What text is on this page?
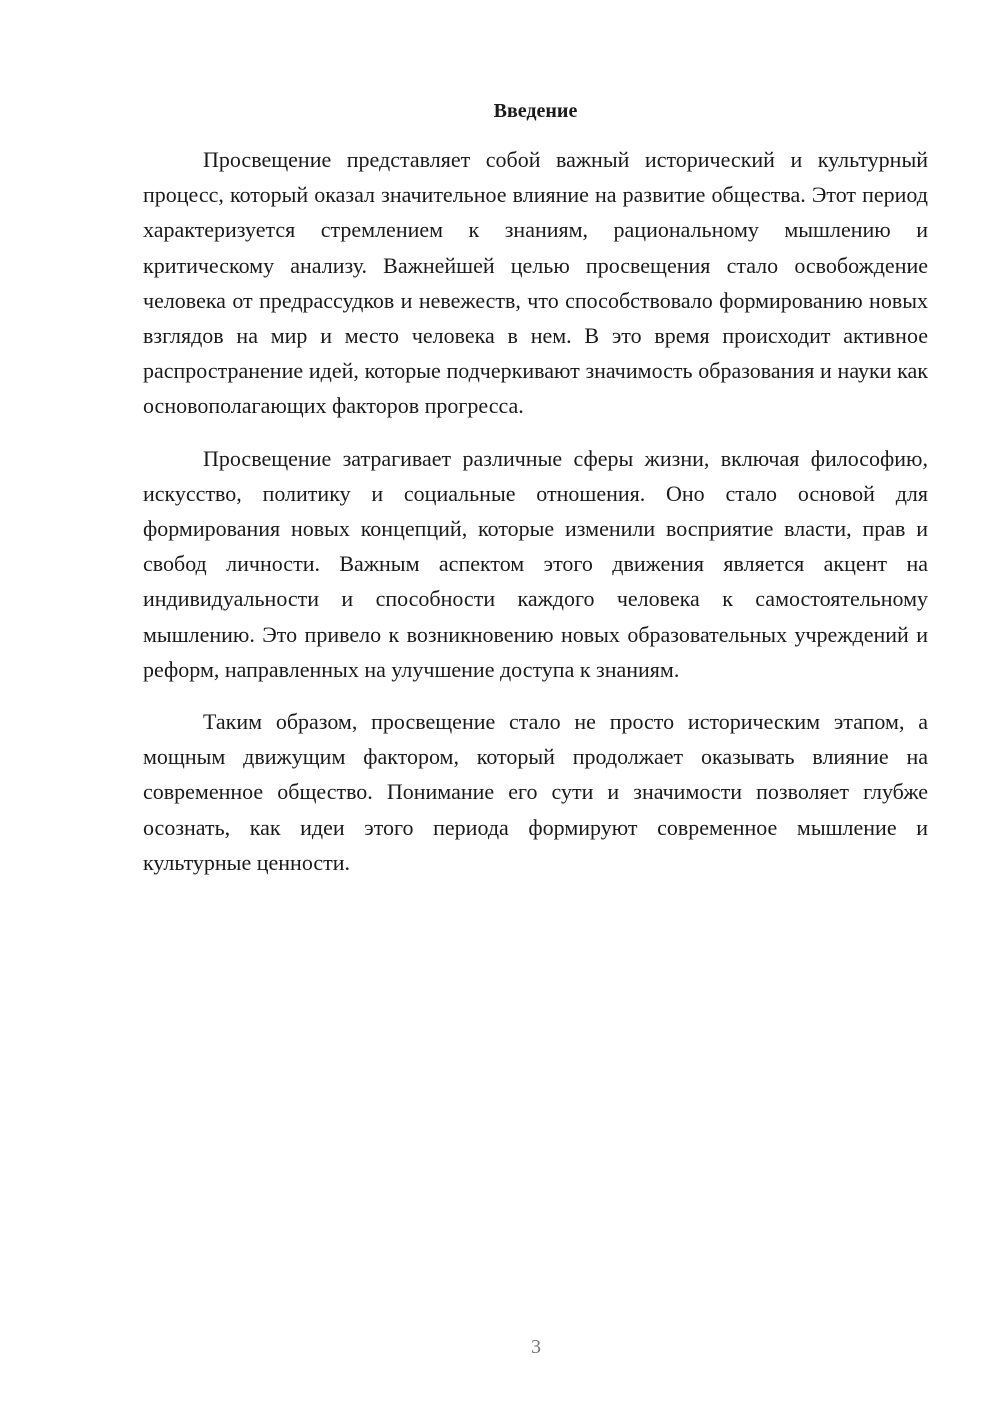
Введение

Просвещение представляет собой важный исторический и культурный процесс, который оказал значительное влияние на развитие общества. Этот период характеризуется стремлением к знаниям, рациональному мышлению и критическому анализу. Важнейшей целью просвещения стало освобождение человека от предрассудков и невежеств, что способствовало формированию новых взглядов на мир и место человека в нем. В это время происходит активное распространение идей, которые подчеркивают значимость образования и науки как основополагающих факторов прогресса.

Просвещение затрагивает различные сферы жизни, включая философию, искусство, политику и социальные отношения. Оно стало основой для формирования новых концепций, которые изменили восприятие власти, прав и свобод личности. Важным аспектом этого движения является акцент на индивидуальности и способности каждого человека к самостоятельному мышлению. Это привело к возникновению новых образовательных учреждений и реформ, направленных на улучшение доступа к знаниям.

Таким образом, просвещение стало не просто историческим этапом, а мощным движущим фактором, который продолжает оказывать влияние на современное общество. Понимание его сути и значимости позволяет глубже осознать, как идеи этого периода формируют современное мышление и культурные ценности.

3
